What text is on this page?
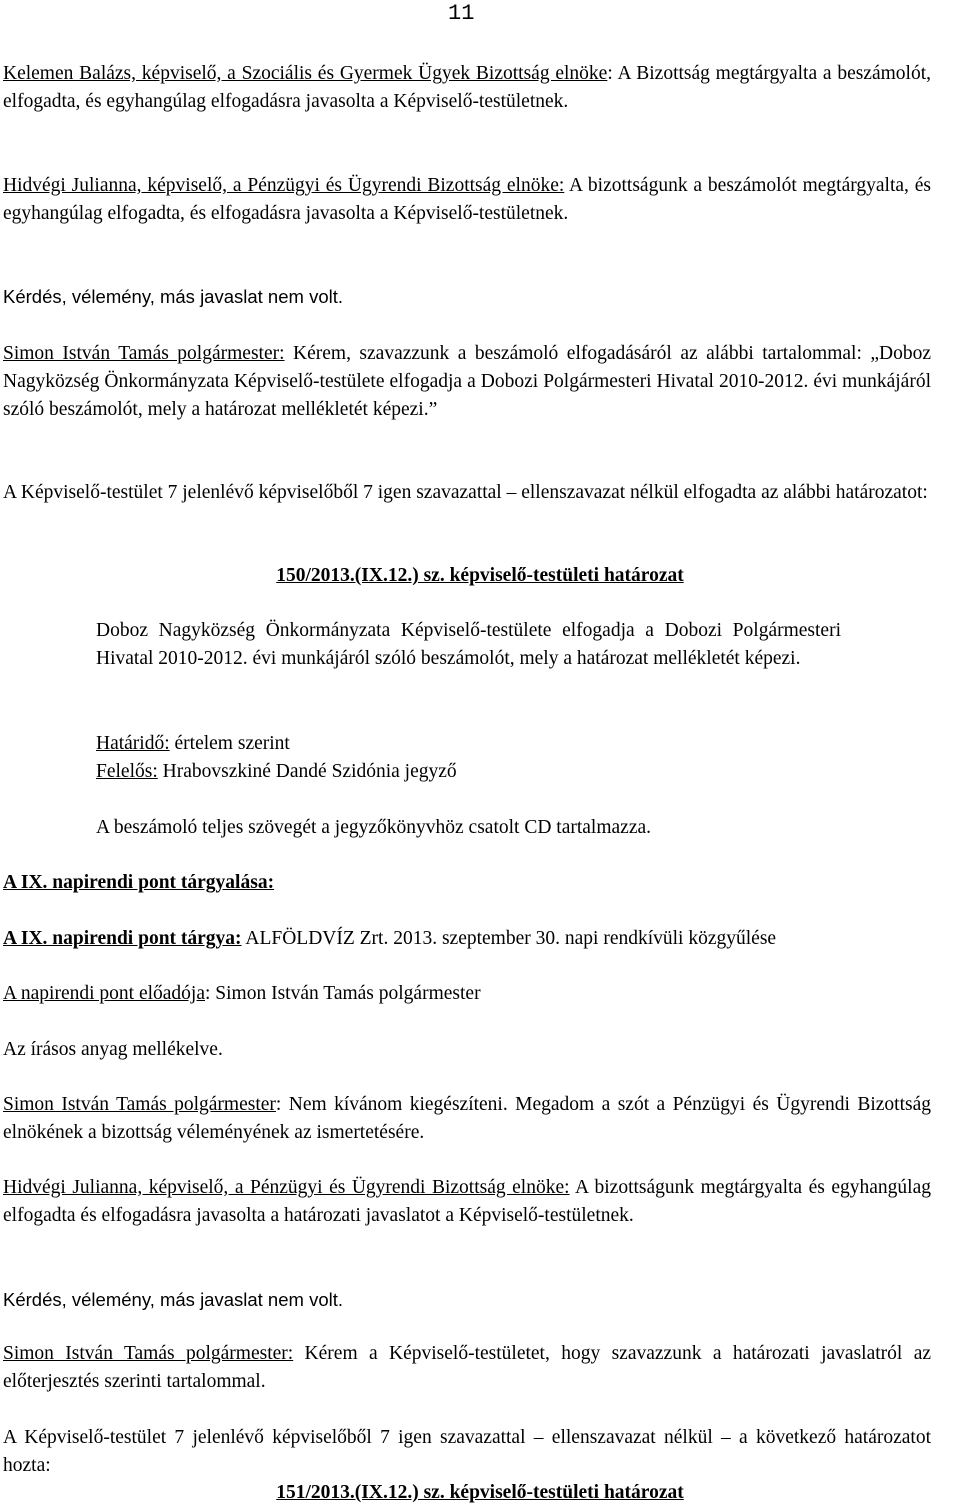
11

Kelemen Balázs, képviselő, a Szociális és Gyermek Ügyek Bizottság elnöke: A Bizottság megtárgyalta a beszámolót, elfogadta, és egyhangúlag elfogadásra javasolta a Képviselő-testületnek.

Hidvégi Julianna, képviselő, a Pénzügyi és Ügyrendi Bizottság elnöke: A bizottságunk a beszámolót megtárgyalta, és egyhangúlag elfogadta, és elfogadásra javasolta a Képviselő-testületnek.

Kérdés, vélemény, más javaslat nem volt.

Simon István Tamás polgármester: Kérem, szavazzunk a beszámoló elfogadásáról az alábbi tartalommal: „Doboz Nagyközség Önkormányzata Képviselő-testülete elfogadja a Dobozi Polgármesteri Hivatal 2010-2012. évi munkájáról szóló beszámolót, mely a határozat mellékletét képezi.”

A Képviselő-testület 7 jelenlévő képviselőből 7 igen szavazattal – ellenszavazat nélkül elfogadta az alábbi határozatot:

150/2013.(IX.12.) sz. képviselő-testületi határozat

Doboz Nagyközség Önkormányzata Képviselő-testülete elfogadja a Dobozi Polgármesteri Hivatal 2010-2012. évi munkájáról szóló beszámolót, mely a határozat mellékletét képezi.

Határidő: értelem szerint

Felelős: Hrabovszkiné Dandé Szidónia jegyző

A beszámoló teljes szövegét a jegyzőkönyvhöz csatolt CD tartalmazza.

A IX. napirendi pont tárgyalása:

A IX. napirendi pont tárgya: ALFÖLDVÍZ Zrt. 2013. szeptember 30. napi rendkívüli közgyűlése

A napirendi pont előadója: Simon István Tamás polgármester

Az írásos anyag mellékelve.

Simon István Tamás polgármester: Nem kívánom kiegészíteni. Megadom a szót a Pénzügyi és Ügyrendi Bizottság elnökének a bizottság véleményének az ismertetésére.

Hidvégi Julianna, képviselő, a Pénzügyi és Ügyrendi Bizottság elnöke: A bizottságunk megtárgyalta és egyhangúlag elfogadta és elfogadásra javasolta a határozati javaslatot a Képviselő-testületnek.

Kérdés, vélemény, más javaslat nem volt.

Simon István Tamás polgármester: Kérem a Képviselő-testületet, hogy szavazzunk a határozati javaslatról az előterjesztés szerinti tartalommal.

A Képviselő-testület 7 jelenlévő képviselőből 7 igen szavazattal – ellenszavazat nélkül – a következő határozatot hozta:

151/2013.(IX.12.) sz. képviselő-testületi határozat
